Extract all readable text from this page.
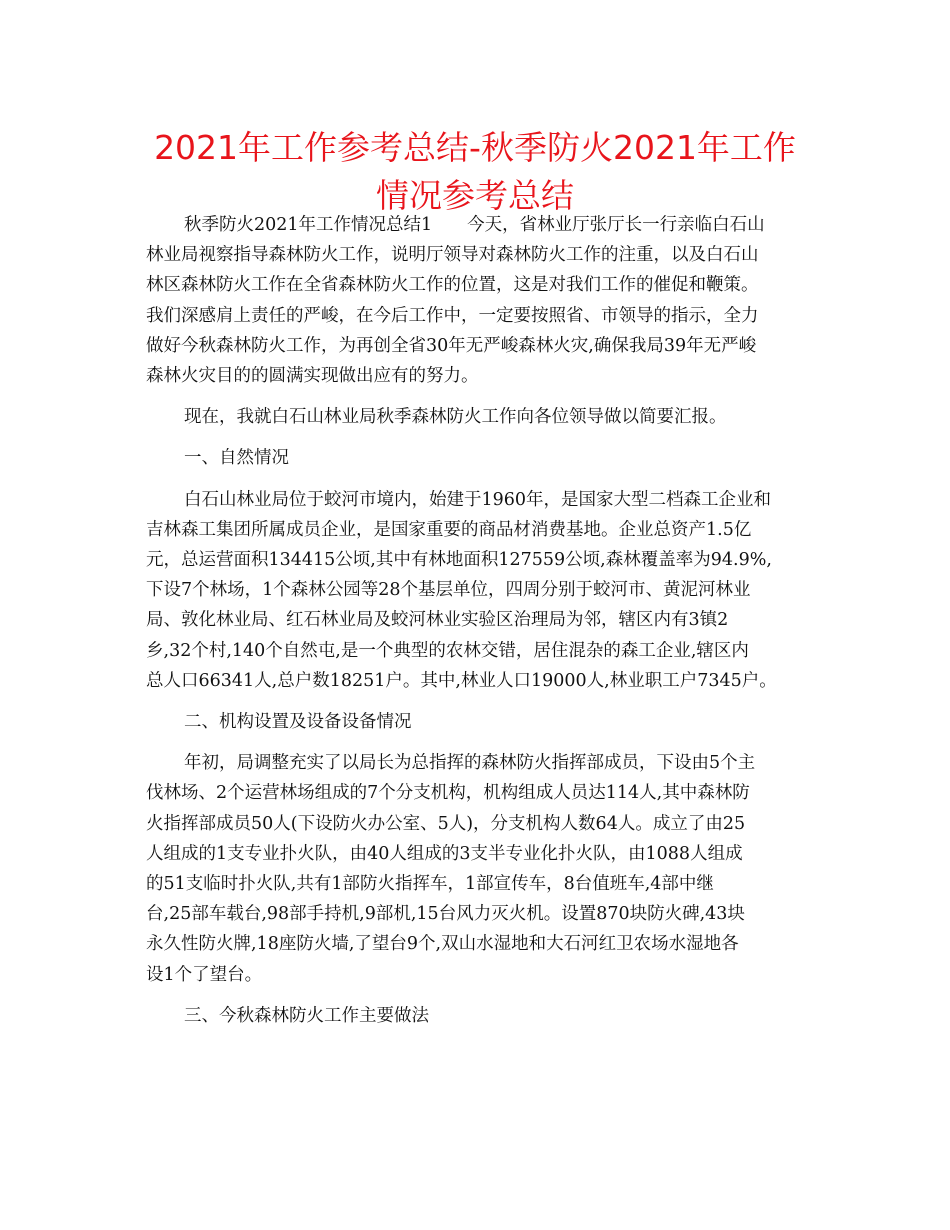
2021年工作参考总结-秋季防火2021年工作情况参考总结
秋季防火2021年工作情况总结1　　今天，省林业厅张厅长一行亲临白石山
林业局视察指导森林防火工作，说明厅领导对森林防火工作的注重，以及白石山
林区森林防火工作在全省森林防火工作的位置，这是对我们工作的催促和鞭策。
我们深感肩上责任的严峻，在今后工作中，一定要按照省、市领导的指示，全力
做好今秋森林防火工作，为再创全省30年无严峻森林火灾,确保我局39年无严峻
森林火灾目的的圆满实现做出应有的努力。
现在，我就白石山林业局秋季森林防火工作向各位领导做以简要汇报。
一、自然情况
白石山林业局位于蛟河市境内，始建于1960年，是国家大型二档森工企业和
吉林森工集团所属成员企业，是国家重要的商品材消费基地。企业总资产1.5亿
元，总运营面积134415公顷,其中有林地面积127559公顷,森林覆盖率为94.9%,
下设7个林场，1个森林公园等28个基层单位，四周分别于蛟河市、黄泥河林业
局、敦化林业局、红石林业局及蛟河林业实验区治理局为邻，辖区内有3镇2
乡,32个村,140个自然屯,是一个典型的农林交错，居住混杂的森工企业,辖区内
总人口66341人,总户数18251户。其中,林业人口19000人,林业职工户7345户。
二、机构设置及设备设备情况
年初，局调整充实了以局长为总指挥的森林防火指挥部成员，下设由5个主
伐林场、2个运营林场组成的7个分支机构，机构组成人员达114人,其中森林防
火指挥部成员50人(下设防火办公室、5人)，分支机构人数64人。成立了由25
人组成的1支专业扑火队，由40人组成的3支半专业化扑火队，由1088人组成
的51支临时扑火队,共有1部防火指挥车，1部宣传车，8台值班车,4部中继
台,25部车载台,98部手持机,9部机,15台风力灭火机。设置870块防火碑,43块
永久性防火牌,18座防火墙,了望台9个,双山水湿地和大石河红卫农场水湿地各
设1个了望台。
三、今秋森林防火工作主要做法
